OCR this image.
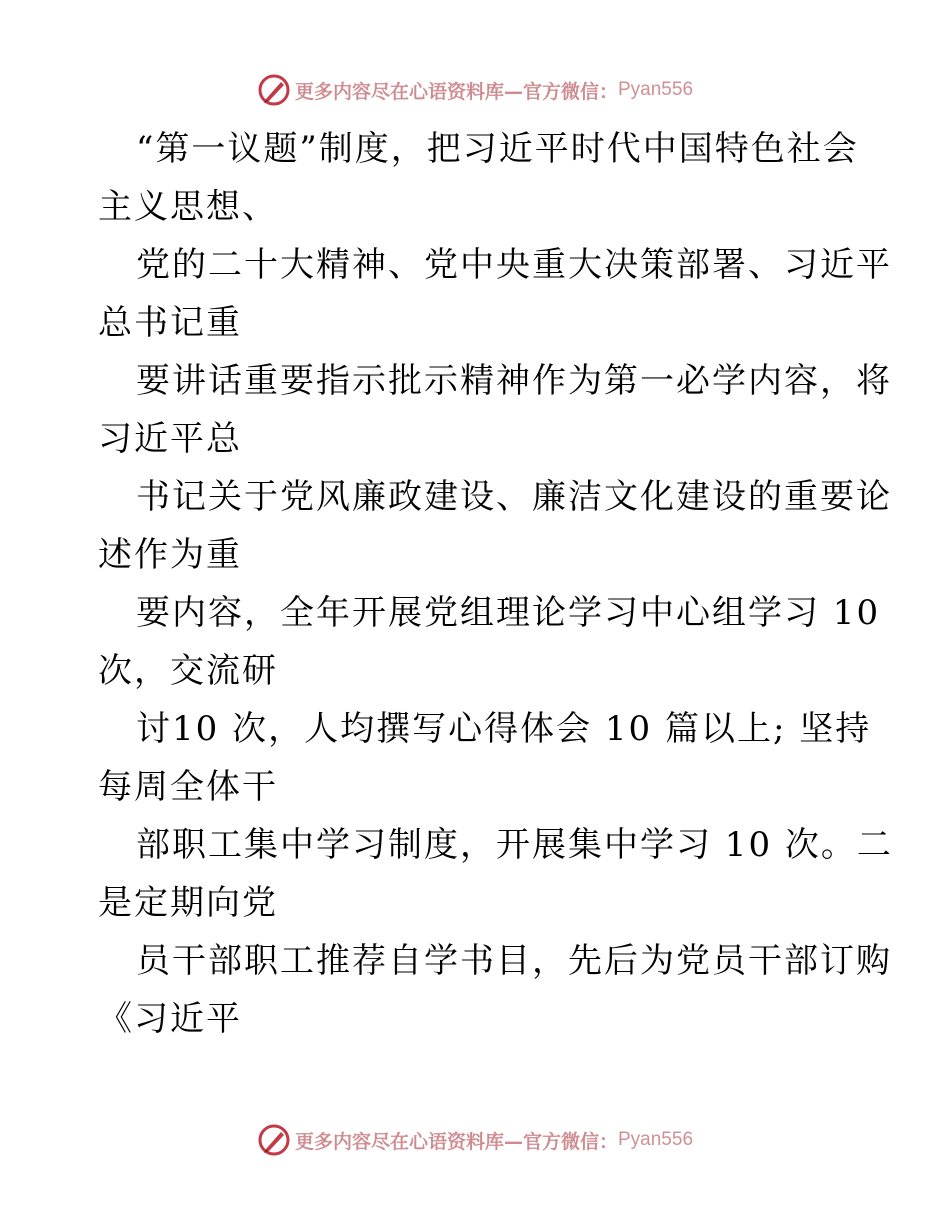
更多内容尽在心语资料库—官方微信： Pyan556
“第一议题”制度，把习近平时代中国特色社会
主义思想、
党的二十大精神、党中央重大决策部署、习近平
总书记重
要讲话重要指示批示精神作为第一必学内容，将
习近平总
书记关于党风廉政建设、廉洁文化建设的重要论
述作为重
要内容，全年开展党组理论学习中心组学习 10
次，交流研
讨10 次，人均撰写心得体会 10 篇以上; 坚持
每周全体干
部职工集中学习制度，开展集中学习 10 次。二
是定期向党
员干部职工推荐自学书目，先后为党员干部订购
《习近平
更多内容尽在心语资料库—官方微信： Pyan556
